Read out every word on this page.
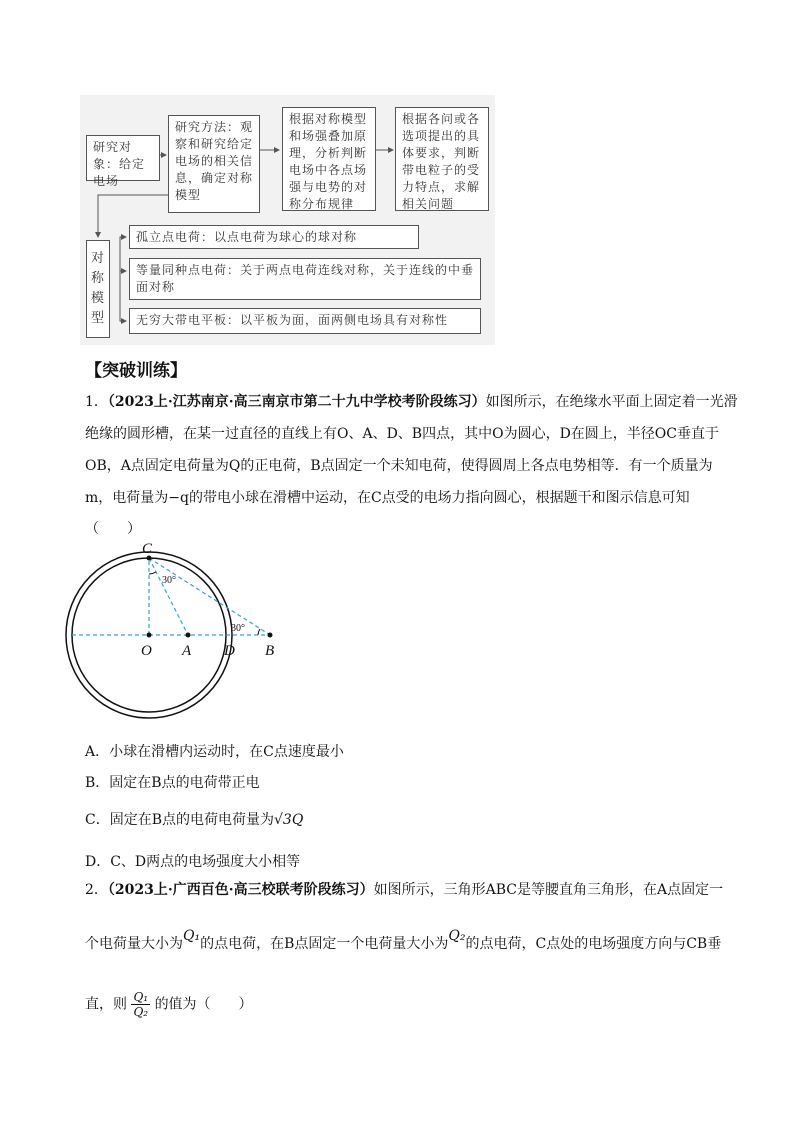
研究对象：给定电场
研究方法：观察和研究给定电场的相关信息，确定对称模型
根据对称模型和场强叠加原理，分析判断电场中各点场强与电势的对称分布规律
根据各问或各选项提出的具体要求，判断带电粒子的受力特点，求解相关问题
对称模型
孤立点电荷：以点电荷为球心的球对称
等量同种点电荷：关于两点电荷连线对称，关于连线的中垂面对称
无穷大带电平板：以平板为面，面两侧电场具有对称性
【突破训练】
1．（2023上·江苏南京·高三南京市第二十九中学校考阶段练习）如图所示，在绝缘水平面上固定着一光滑
绝缘的圆形槽，在某一过直径的直线上有O、A、D、B四点，其中O为圆心，D在圆上，半径OC垂直于
OB，A点固定电荷量为Q的正电荷，B点固定一个未知电荷，使得圆周上各点电势相等．有一个质量为
m，电荷量为−q的带电小球在滑槽中运动，在C点受的电场力指向圆心，根据题干和图示信息可知
（　　）
C
O A D B
30°
30°
A．小球在滑槽内运动时，在C点速度最小
B．固定在B点的电荷带正电
C．固定在B点的电荷电荷量为√3Q
D．C、D两点的电场强度大小相等
2．（2023上·广西百色·高三校联考阶段练习）如图所示，三角形ABC是等腰直角三角形，在A点固定一
个电荷量大小为Q₁的点电荷，在B点固定一个电荷量大小为Q₂的点电荷，C点处的电场强度方向与CB垂
直，则 $\frac{\text{Q₁}}{\text{Q₂}}$ 的值为（　　）
